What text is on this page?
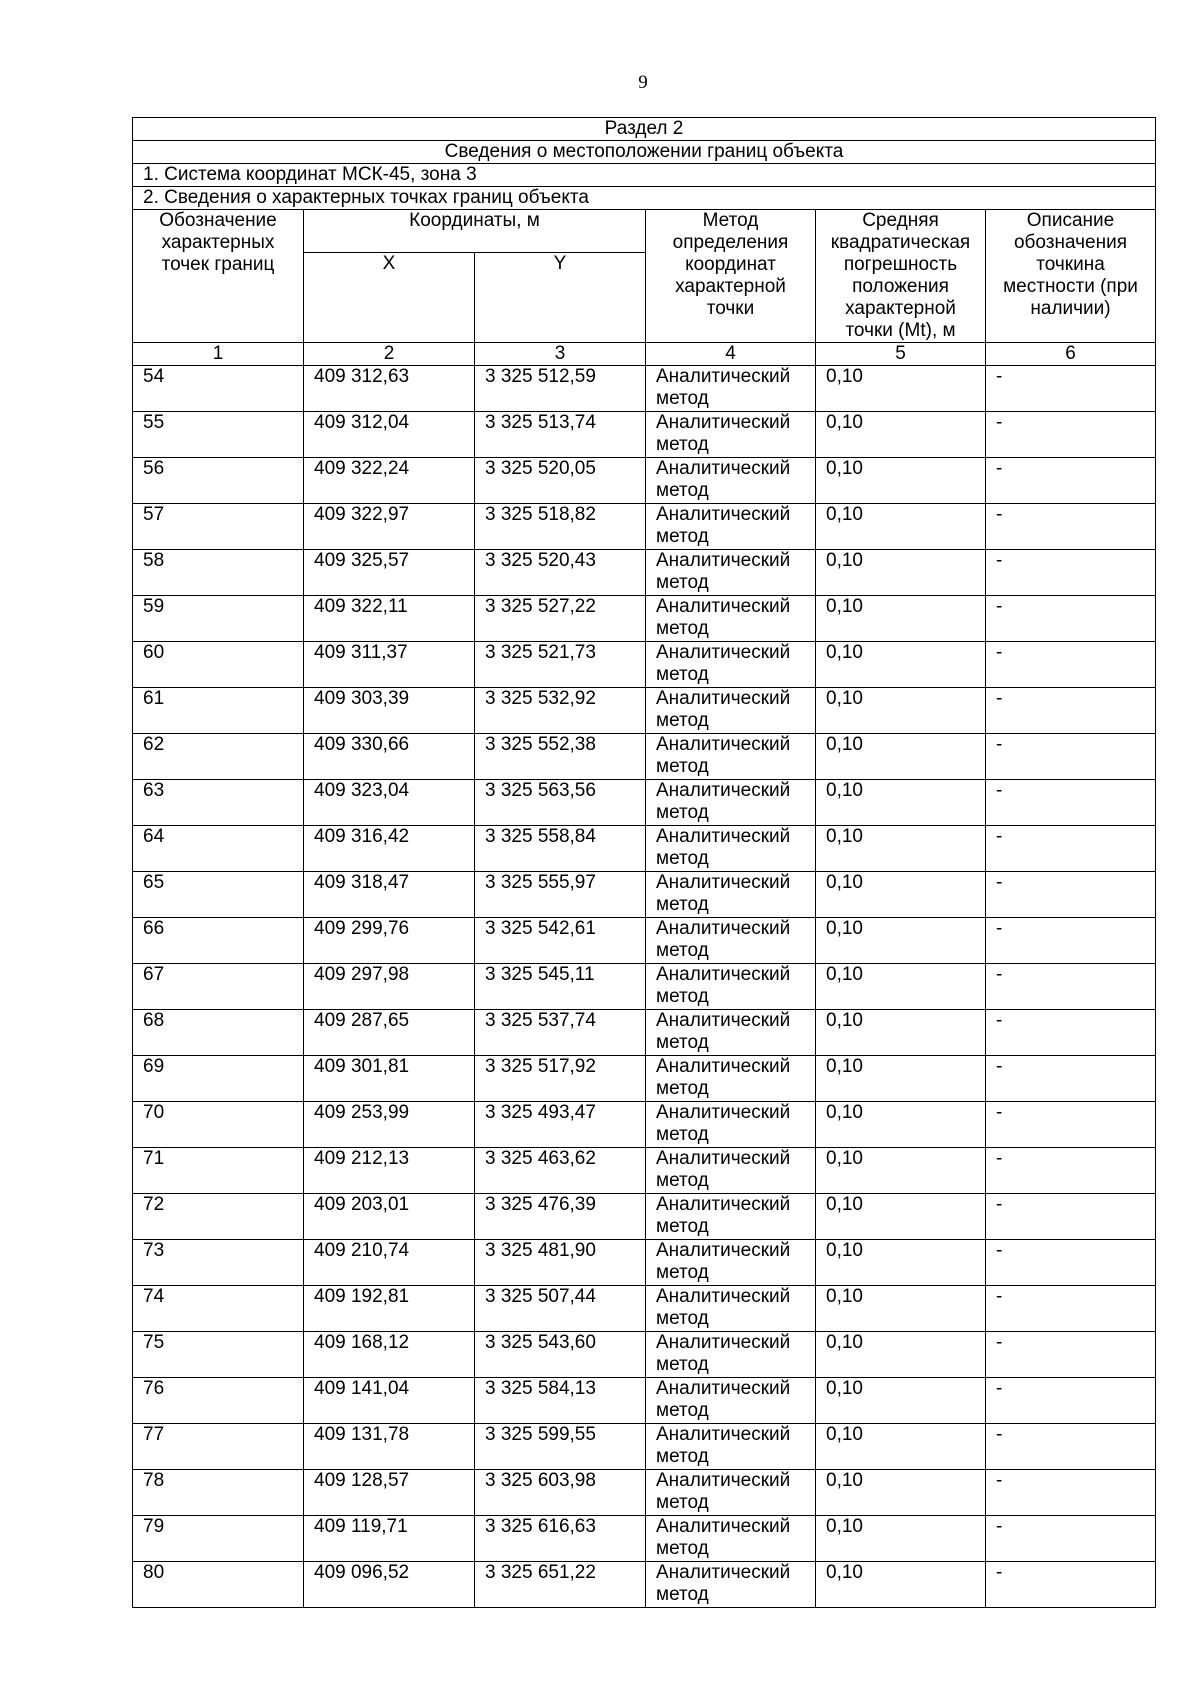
9
Раздел 2					
Сведения о местоположении границ объекта					
1. Система координат МСК-45, зона 3					
2. Сведения о характерных точках границ объекта					
Обозначение характерных точек границ	Координаты, м		Метод определения координат характерной точки	Средняя квадратическая погрешность положения характерной точки (Mt), м	Описание обозначения точкина местности (при наличии)
	X	Y			
1	2	3	4	5	6
54	409 312,63	3 325 512,59	Аналитический метод	0,10	-
55	409 312,04	3 325 513,74	Аналитический метод	0,10	-
56	409 322,24	3 325 520,05	Аналитический метод	0,10	-
57	409 322,97	3 325 518,82	Аналитический метод	0,10	-
58	409 325,57	3 325 520,43	Аналитический метод	0,10	-
59	409 322,11	3 325 527,22	Аналитический метод	0,10	-
60	409 311,37	3 325 521,73	Аналитический метод	0,10	-
61	409 303,39	3 325 532,92	Аналитический метод	0,10	-
62	409 330,66	3 325 552,38	Аналитический метод	0,10	-
63	409 323,04	3 325 563,56	Аналитический метод	0,10	-
64	409 316,42	3 325 558,84	Аналитический метод	0,10	-
65	409 318,47	3 325 555,97	Аналитический метод	0,10	-
66	409 299,76	3 325 542,61	Аналитический метод	0,10	-
67	409 297,98	3 325 545,11	Аналитический метод	0,10	-
68	409 287,65	3 325 537,74	Аналитический метод	0,10	-
69	409 301,81	3 325 517,92	Аналитический метод	0,10	-
70	409 253,99	3 325 493,47	Аналитический метод	0,10	-
71	409 212,13	3 325 463,62	Аналитический метод	0,10	-
72	409 203,01	3 325 476,39	Аналитический метод	0,10	-
73	409 210,74	3 325 481,90	Аналитический метод	0,10	-
74	409 192,81	3 325 507,44	Аналитический метод	0,10	-
75	409 168,12	3 325 543,60	Аналитический метод	0,10	-
76	409 141,04	3 325 584,13	Аналитический метод	0,10	-
77	409 131,78	3 325 599,55	Аналитический метод	0,10	-
78	409 128,57	3 325 603,98	Аналитический метод	0,10	-
79	409 119,71	3 325 616,63	Аналитический метод	0,10	-
80	409 096,52	3 325 651,22	Аналитический метод	0,10	-
